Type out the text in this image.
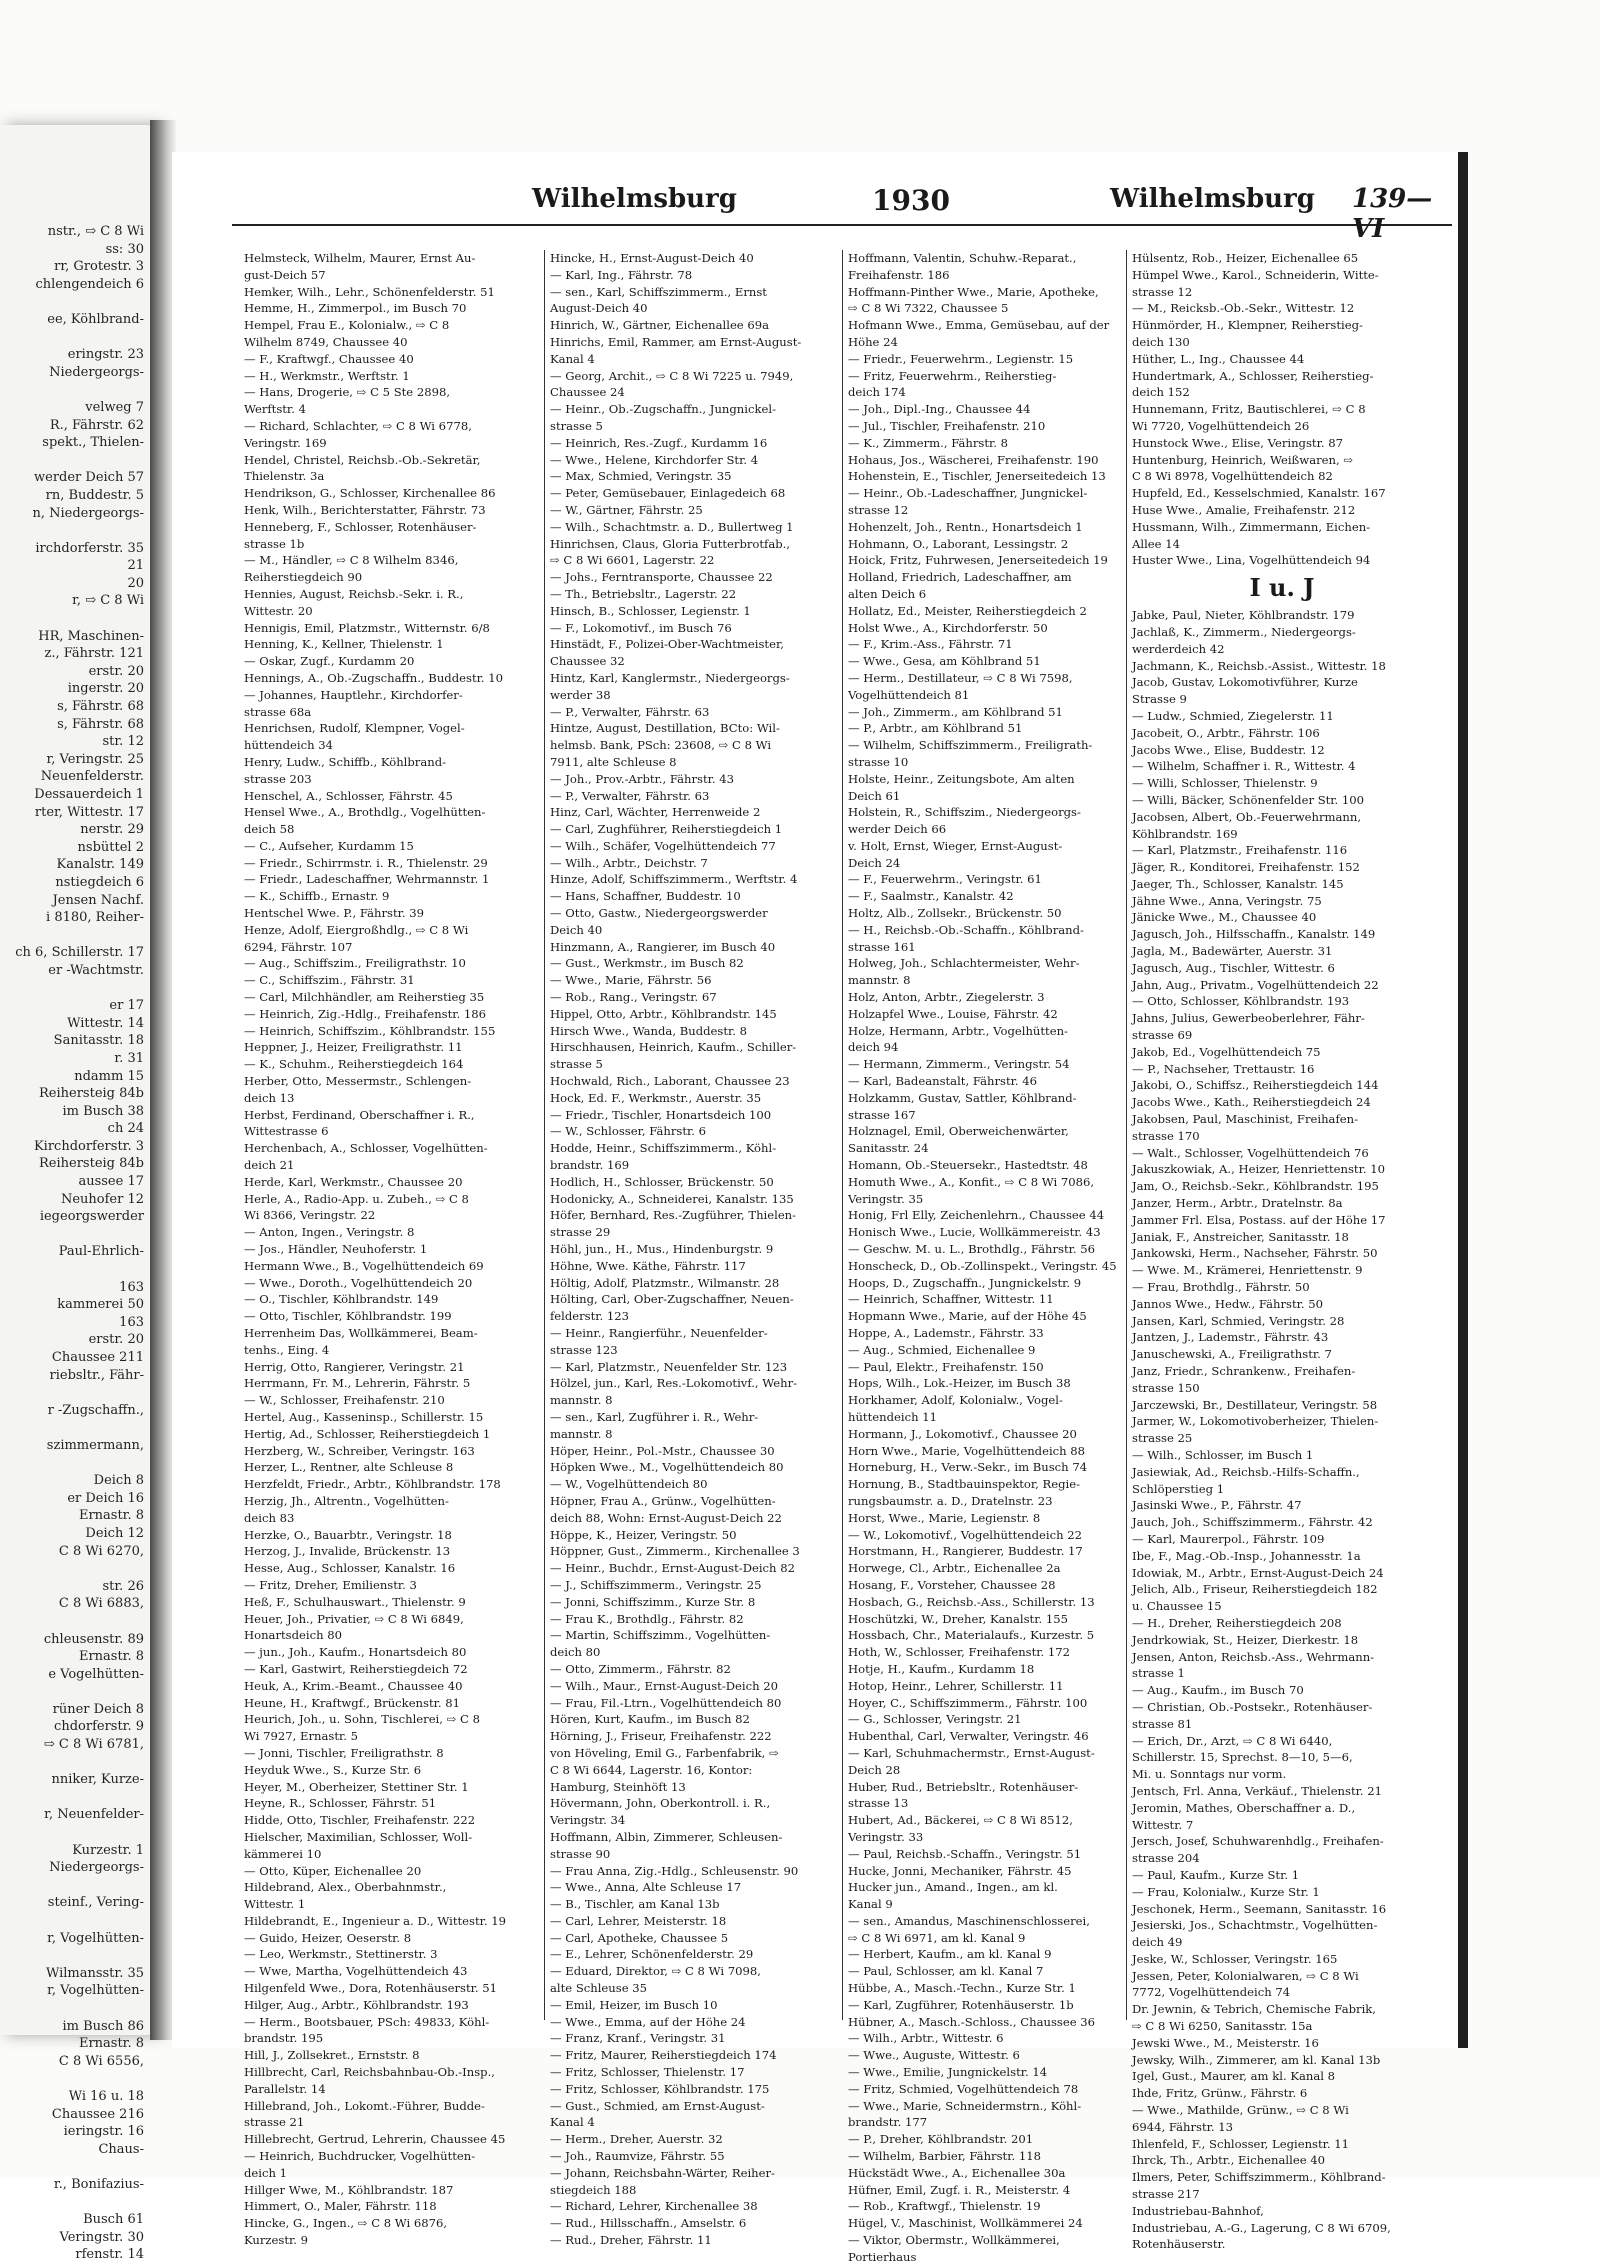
nstr., ⇨ C 8 Wi
ss: 30
rr, Grotestr. 3
chlengendeich 6

ee, Köhlbrand-

eringstr. 23
Niedergeorgs-

velweg 7
R., Fährstr. 62
spekt., Thielen-

werder Deich 57
rn, Buddestr. 5
n, Niedergeorgs-

irchdorferstr. 35
21
20
r, ⇨ C 8 Wi

HR, Maschinen-
z., Fährstr. 121
erstr. 20
ingerstr. 20
s, Fährstr. 68
s, Fährstr. 68
str. 12
r, Veringstr. 25
Neuenfelderstr.
Dessauerdeich 1
rter, Wittestr. 17
nerstr. 29
nsbüttel 2
Kanalstr. 149
nstiegdeich 6
Jensen Nachf.
i 8180, Reiher-

ch 6, Schillerstr. 17
er -Wachtmstr.

er 17
Wittestr. 14
Sanitasstr. 18
r. 31
ndamm 15
Reihersteig 84b
im Busch 38
ch 24
Kirchdorferstr. 3
Reihersteig 84b
aussee 17
Neuhofer 12
iegeorgswerder

Paul-Ehrlich-

163
kammerei 50
163
erstr. 20
Chaussee 211
riebsltr., Fähr-

r -Zugschaffn.,

szimmermann,

Deich 8
er Deich 16
Ernastr. 8
Deich 12
C 8 Wi 6270,

str. 26
C 8 Wi 6883,

chleusenstr. 89
Ernastr. 8
e Vogelhütten-

rüner Deich 8
chdorferstr. 9
⇨ C 8 Wi 6781,

nniker, Kurze-

r, Neuenfelder-

Kurzestr. 1
Niedergeorgs-

steinf., Vering-

r, Vogelhütten-

Wilmansstr. 35
r, Vogelhütten-

im Busch 86
Ernastr. 8
C 8 Wi 6556,

Wi 16 u. 18
Chaussee 216
ieringstr. 16
Chaus-

r., Bonifazius-

Busch 61
Veringstr. 30
rfenstr. 14
Wilhelmsburg	1930	Wilhelmsburg 139—VI
Helmsteck, Wilhelm, Maurer, Ernst Au-
gust-Deich 57
Hemker, Wilh., Lehr., Schönenfelderstr. 51
Hemme, H., Zimmerpol., im Busch 70
Hempel, Frau E., Kolonialw., ⇨ C 8
Wilhelm 8749, Chaussee 40
— F., Kraftwgf., Chaussee 40
— H., Werkmstr., Werftstr. 1
— Hans, Drogerie, ⇨ C 5 Ste 2898,
Werftstr. 4
— Richard, Schlachter, ⇨ C 8 Wi 6778,
Veringstr. 169
Hendel, Christel, Reichsb.-Ob.-Sekretär,
Thielenstr. 3a
Hendrikson, G., Schlosser, Kirchenallee 86
Henk, Wilh., Berichterstatter, Fährstr. 73
Henneberg, F., Schlosser, Rotenhäuser-
strasse 1b
— M., Händler, ⇨ C 8 Wilhelm 8346,
Reiherstiegdeich 90
Hennies, August, Reichsb.-Sekr. i. R.,
Wittestr. 20
Hennigis, Emil, Platzmstr., Witternstr. 6/8
Henning, K., Kellner, Thielenstr. 1
— Oskar, Zugf., Kurdamm 20
Hennings, A., Ob.-Zugschaffn., Buddestr. 10
— Johannes, Hauptlehr., Kirchdorfer-
strasse 68a
Henrichsen, Rudolf, Klempner, Vogel-
hüttendeich 34
Henry, Ludw., Schiffb., Köhlbrand-
strasse 203
Henschel, A., Schlosser, Fährstr. 45
Hensel Wwe., A., Brothdlg., Vogelhütten-
deich 58
— C., Aufseher, Kurdamm 15
— Friedr., Schirrmstr. i. R., Thielenstr. 29
— Friedr., Ladeschaffner, Wehrmannstr. 1
— K., Schiffb., Ernastr. 9
Hentschel Wwe. P., Fährstr. 39
Henze, Adolf, Eiergroßhdlg., ⇨ C 8 Wi
6294, Fährstr. 107
— Aug., Schiffszim., Freiligrathstr. 10
— C., Schiffszim., Fährstr. 31
— Carl, Milchhändler, am Reiherstieg 35
— Heinrich, Zig.-Hdlg., Freihafenstr. 186
— Heinrich, Schiffszim., Köhlbrandstr. 155
Heppner, J., Heizer, Freiligrathstr. 11
— K., Schuhm., Reiherstiegdeich 164
Herber, Otto, Messermstr., Schlengen-
deich 13
Herbst, Ferdinand, Oberschaffner i. R.,
Wittestrasse 6
Herchenbach, A., Schlosser, Vogelhütten-
deich 21
Herde, Karl, Werkmstr., Chaussee 20
Herle, A., Radio-App. u. Zubeh., ⇨ C 8
Wi 8366, Veringstr. 22
— Anton, Ingen., Veringstr. 8
— Jos., Händler, Neuhoferstr. 1
Hermann Wwe., B., Vogelhüttendeich 69
— Wwe., Doroth., Vogelhüttendeich 20
— O., Tischler, Köhlbrandstr. 149
— Otto, Tischler, Köhlbrandstr. 199
Herrenheim Das, Wollkämmerei, Beam-
tenhs., Eing. 4
Herrig, Otto, Rangierer, Veringstr. 21
Herrmann, Fr. M., Lehrerin, Fährstr. 5
— W., Schlosser, Freihafenstr. 210
Hertel, Aug., Kasseninsp., Schillerstr. 15
Hertig, Ad., Schlosser, Reiherstiegdeich 1
Herzberg, W., Schreiber, Veringstr. 163
Herzer, L., Rentner, alte Schleuse 8
Herzfeldt, Friedr., Arbtr., Köhlbrandstr. 178
Herzig, Jh., Altrentn., Vogelhütten-
deich 83
Herzke, O., Bauarbtr., Veringstr. 18
Herzog, J., Invalide, Brückenstr. 13
Hesse, Aug., Schlosser, Kanalstr. 16
— Fritz, Dreher, Emilienstr. 3
Heß, F., Schulhauswart., Thielenstr. 9
Heuer, Joh., Privatier, ⇨ C 8 Wi 6849,
Honartsdeich 80
— jun., Joh., Kaufm., Honartsdeich 80
— Karl, Gastwirt, Reiherstiegdeich 72
Heuk, A., Krim.-Beamt., Chaussee 40
Heune, H., Kraftwgf., Brückenstr. 81
Heurich, Joh., u. Sohn, Tischlerei, ⇨ C 8
Wi 7927, Ernastr. 5
— Jonni, Tischler, Freiligrathstr. 8
Heyduk Wwe., S., Kurze Str. 6
Heyer, M., Oberheizer, Stettiner Str. 1
Heyne, R., Schlosser, Fährstr. 51
Hidde, Otto, Tischler, Freihafenstr. 222
Hielscher, Maximilian, Schlosser, Woll-
kämmerei 10
— Otto, Küper, Eichenallee 20
Hildebrand, Alex., Oberbahnmstr.,
Wittestr. 1
Hildebrandt, E., Ingenieur a. D., Wittestr. 19
— Guido, Heizer, Oeserstr. 8
— Leo, Werkmstr., Stettinerstr. 3
— Wwe, Martha, Vogelhüttendeich 43
Hilgenfeld Wwe., Dora, Rotenhäuserstr. 51
Hilger, Aug., Arbtr., Köhlbrandstr. 193
— Herm., Bootsbauer, PSch: 49833, Köhl-
brandstr. 195
Hill, J., Zollsekret., Ernststr. 8
Hillbrecht, Carl, Reichsbahnbau-Ob.-Insp.,
Parallelstr. 14
Hillebrand, Joh., Lokomt.-Führer, Budde-
strasse 21
Hillebrecht, Gertrud, Lehrerin, Chaussee 45
— Heinrich, Buchdrucker, Vogelhütten-
deich 1
Hillger Wwe, M., Köhlbrandstr. 187
Himmert, O., Maler, Fährstr. 118
Hincke, G., Ingen., ⇨ C 8 Wi 6876,
Kurzestr. 9
Hincke, H., Ernst-August-Deich 40
— Karl, Ing., Fährstr. 78
— sen., Karl, Schiffszimmerm., Ernst
August-Deich 40
Hinrich, W., Gärtner, Eichenallee 69a
Hinrichs, Emil, Rammer, am Ernst-August-
Kanal 4
— Georg, Archit., ⇨ C 8 Wi 7225 u. 7949,
Chaussee 24
— Heinr., Ob.-Zugschaffn., Jungnickel-
strasse 5
— Heinrich, Res.-Zugf., Kurdamm 16
— Wwe., Helene, Kirchdorfer Str. 4
— Max, Schmied, Veringstr. 35
— Peter, Gemüsebauer, Einlagedeich 68
— W., Gärtner, Fährstr. 25
— Wilh., Schachtmstr. a. D., Bullertweg 1
Hinrichsen, Claus, Gloria Futterbrotfab.,
⇨ C 8 Wi 6601, Lagerstr. 22
— Johs., Ferntransporte, Chaussee 22
— Th., Betriebsltr., Lagerstr. 22
Hinsch, B., Schlosser, Legienstr. 1
— F., Lokomotivf., im Busch 76
Hinstädt, F., Polizei-Ober-Wachtmeister,
Chaussee 32
Hintz, Karl, Kanglermstr., Niedergeorgs-
werder 38
— P., Verwalter, Fährstr. 63
Hintze, August, Destillation, BCto: Wil-
helmsb. Bank, PSch: 23608, ⇨ C 8 Wi
7911, alte Schleuse 8
— Joh., Prov.-Arbtr., Fährstr. 43
— P., Verwalter, Fährstr. 63
Hinz, Carl, Wächter, Herrenweide 2
— Carl, Zughführer, Reiherstiegdeich 1
— Wilh., Schäfer, Vogelhüttendeich 77
— Wilh., Arbtr., Deichstr. 7
Hinze, Adolf, Schiffszimmerm., Werftstr. 4
— Hans, Schaffner, Buddestr. 10
— Otto, Gastw., Niedergeorgswerder
Deich 40
Hinzmann, A., Rangierer, im Busch 40
— Gust., Werkmstr., im Busch 82
— Wwe., Marie, Fährstr. 56
— Rob., Rang., Veringstr. 67
Hippel, Otto, Arbtr., Köhlbrandstr. 145
Hirsch Wwe., Wanda, Buddestr. 8
Hirschhausen, Heinrich, Kaufm., Schiller-
strasse 5
Hochwald, Rich., Laborant, Chaussee 23
Hock, Ed. F., Werkmstr., Auerstr. 35
— Friedr., Tischler, Honartsdeich 100
— W., Schlosser, Fährstr. 6
Hodde, Heinr., Schiffszimmerm., Köhl-
brandstr. 169
Hodlich, H., Schlosser, Brückenstr. 50
Hodonicky, A., Schneiderei, Kanalstr. 135
Höfer, Bernhard, Res.-Zugführer, Thielen-
strasse 29
Höhl, jun., H., Mus., Hindenburgstr. 9
Höhne, Wwe. Käthe, Fährstr. 117
Höltig, Adolf, Platzmstr., Wilmanstr. 28
Hölting, Carl, Ober-Zugschaffner, Neuen-
felderstr. 123
— Heinr., Rangierführ., Neuenfelder-
strasse 123
— Karl, Platzmstr., Neuenfelder Str. 123
Hölzel, jun., Karl, Res.-Lokomotivf., Wehr-
mannstr. 8
— sen., Karl, Zugführer i. R., Wehr-
mannstr. 8
Höper, Heinr., Pol.-Mstr., Chaussee 30
Höpken Wwe., M., Vogelhüttendeich 80
— W., Vogelhüttendeich 80
Höpner, Frau A., Grünw., Vogelhütten-
deich 88, Wohn: Ernst-August-Deich 22
Höppe, K., Heizer, Veringstr. 50
Höppner, Gust., Zimmerm., Kirchenallee 3
— Heinr., Buchdr., Ernst-August-Deich 82
— J., Schiffszimmerm., Veringstr. 25
— Jonni, Schiffszimm., Kurze Str. 8
— Frau K., Brothdlg., Fährstr. 82
— Martin, Schiffszimm., Vogelhütten-
deich 80
— Otto, Zimmerm., Fährstr. 82
— Wilh., Maur., Ernst-August-Deich 20
— Frau, Fil.-Ltrn., Vogelhüttendeich 80
Hören, Kurt, Kaufm., im Busch 82
Hörning, J., Friseur, Freihafenstr. 222
von Höveling, Emil G., Farbenfabrik, ⇨
C 8 Wi 6644, Lagerstr. 16, Kontor:
Hamburg, Steinhöft 13
Hövermann, John, Oberkontroll. i. R.,
Veringstr. 34
Hoffmann, Albin, Zimmerer, Schleusen-
strasse 90
— Frau Anna, Zig.-Hdlg., Schleusenstr. 90
— Wwe., Anna, Alte Schleuse 17
— B., Tischler, am Kanal 13b
— Carl, Lehrer, Meisterstr. 18
— Carl, Apotheke, Chaussee 5
— E., Lehrer, Schönenfelderstr. 29
— Eduard, Direktor, ⇨ C 8 Wi 7098,
alte Schleuse 35
— Emil, Heizer, im Busch 10
— Wwe., Emma, auf der Höhe 24
— Franz, Kranf., Veringstr. 31
— Fritz, Maurer, Reiherstiegdeich 174
— Fritz, Schlosser, Thielenstr. 17
— Fritz, Schlosser, Köhlbrandstr. 175
— Gust., Schmied, am Ernst-August-
Kanal 4
— Herm., Dreher, Auerstr. 32
— Joh., Raumvize, Fährstr. 55
— Johann, Reichsbahn-Wärter, Reiher-
stiegdeich 188
— Richard, Lehrer, Kirchenallee 38
— Rud., Hillsschaffn., Amselstr. 6
— Rud., Dreher, Fährstr. 11
Hoffmann, Valentin, Schuhw.-Reparat.,
Freihafenstr. 186
Hoffmann-Pinther Wwe., Marie, Apotheke,
⇨ C 8 Wi 7322, Chaussee 5
Hofmann Wwe., Emma, Gemüsebau, auf der
Höhe 24
— Friedr., Feuerwehrm., Legienstr. 15
— Fritz, Feuerwehrm., Reiherstieg-
deich 174
— Joh., Dipl.-Ing., Chaussee 44
— Jul., Tischler, Freihafenstr. 210
— K., Zimmerm., Fährstr. 8
Hohaus, Jos., Wäscherei, Freihafenstr. 190
Hohenstein, E., Tischler, Jenerseitedeich 13
— Heinr., Ob.-Ladeschaffner, Jungnickel-
strasse 12
Hohenzelt, Joh., Rentn., Honartsdeich 1
Hohmann, O., Laborant, Lessingstr. 2
Hoick, Fritz, Fuhrwesen, Jenerseitedeich 19
Holland, Friedrich, Ladeschaffner, am
alten Deich 6
Hollatz, Ed., Meister, Reiherstiegdeich 2
Holst Wwe., A., Kirchdorferstr. 50
— F., Krim.-Ass., Fährstr. 71
— Wwe., Gesa, am Köhlbrand 51
— Herm., Destillateur, ⇨ C 8 Wi 7598,
Vogelhüttendeich 81
— Joh., Zimmerm., am Köhlbrand 51
— P., Arbtr., am Köhlbrand 51
— Wilhelm, Schiffszimmerm., Freiligrath-
strasse 10
Holste, Heinr., Zeitungsbote, Am alten
Deich 61
Holstein, R., Schiffszim., Niedergeorgs-
werder Deich 66
v. Holt, Ernst, Wieger, Ernst-August-
Deich 24
— F., Feuerwehrm., Veringstr. 61
— F., Saalmstr., Kanalstr. 42
Holtz, Alb., Zollsekr., Brückenstr. 50
— H., Reichsb.-Ob.-Schaffn., Köhlbrand-
strasse 161
Holweg, Joh., Schlachtermeister, Wehr-
mannstr. 8
Holz, Anton, Arbtr., Ziegelerstr. 3
Holzapfel Wwe., Louise, Fährstr. 42
Holze, Hermann, Arbtr., Vogelhütten-
deich 94
— Hermann, Zimmerm., Veringstr. 54
— Karl, Badeanstalt, Fährstr. 46
Holzkamm, Gustav, Sattler, Köhlbrand-
strasse 167
Holznagel, Emil, Oberweichenwärter,
Sanitasstr. 24
Homann, Ob.-Steuersekr., Hastedtstr. 48
Homuth Wwe., A., Konfit., ⇨ C 8 Wi 7086,
Veringstr. 35
Honig, Frl Elly, Zeichenlehrn., Chaussee 44
Honisch Wwe., Lucie, Wollkämmereistr. 43
— Geschw. M. u. L., Brothdlg., Fährstr. 56
Honscheck, D., Ob.-Zollinspekt., Veringstr. 45
Hoops, D., Zugschaffn., Jungnickelstr. 9
— Heinrich, Schaffner, Wittestr. 11
Hopmann Wwe., Marie, auf der Höhe 45
Hoppe, A., Lademstr., Fährstr. 33
— Aug., Schmied, Eichenallee 9
— Paul, Elektr., Freihafenstr. 150
Hops, Wilh., Lok.-Heizer, im Busch 38
Horkhamer, Adolf, Kolonialw., Vogel-
hüttendeich 11
Hormann, J., Lokomotivf., Chaussee 20
Horn Wwe., Marie, Vogelhüttendeich 88
Horneburg, H., Verw.-Sekr., im Busch 74
Hornung, B., Stadtbauinspektor, Regie-
rungsbaumstr. a. D., Dratelnstr. 23
Horst, Wwe., Marie, Legienstr. 8
— W., Lokomotivf., Vogelhüttendeich 22
Horstmann, H., Rangierer, Buddestr. 17
Horwege, Cl., Arbtr., Eichenallee 2a
Hosang, F., Vorsteher, Chaussee 28
Hosbach, G., Reichsb.-Ass., Schillerstr. 13
Hoschützki, W., Dreher, Kanalstr. 155
Hossbach, Chr., Materialaufs., Kurzestr. 5
Hoth, W., Schlosser, Freihafenstr. 172
Hotje, H., Kaufm., Kurdamm 18
Hotop, Heinr., Lehrer, Schillerstr. 11
Hoyer, C., Schiffszimmerm., Fährstr. 100
— G., Schlosser, Veringstr. 21
Hubenthal, Carl, Verwalter, Veringstr. 46
— Karl, Schuhmachermstr., Ernst-August-
Deich 28
Huber, Rud., Betriebsltr., Rotenhäuser-
strasse 13
Hubert, Ad., Bäckerei, ⇨ C 8 Wi 8512,
Veringstr. 33
— Paul, Reichsb.-Schaffn., Veringstr. 51
Hucke, Jonni, Mechaniker, Fährstr. 45
Hucker jun., Amand., Ingen., am kl.
Kanal 9
— sen., Amandus, Maschinenschlosserei,
⇨ C 8 Wi 6971, am kl. Kanal 9
— Herbert, Kaufm., am kl. Kanal 9
— Paul, Schlosser, am kl. Kanal 7
Hübbe, A., Masch.-Techn., Kurze Str. 1
— Karl, Zugführer, Rotenhäuserstr. 1b
Hübner, A., Masch.-Schloss., Chaussee 36
— Wilh., Arbtr., Wittestr. 6
— Wwe., Auguste, Wittestr. 6
— Wwe., Emilie, Jungnickelstr. 14
— Fritz, Schmied, Vogelhüttendeich 78
— Wwe., Marie, Schneidermstrn., Köhl-
brandstr. 177
— P., Dreher, Köhlbrandstr. 201
— Wilhelm, Barbier, Fährstr. 118
Hückstädt Wwe., A., Eichenallee 30a
Hüfner, Emil, Zugf. i. R., Meisterstr. 4
— Rob., Kraftwgf., Thielenstr. 19
Hügel, V., Maschinist, Wollkämmerei 24
— Viktor, Obermstr., Wollkämmerei,
Portierhaus
Hülsentz, Rob., Heizer, Eichenallee 65
Hümpel Wwe., Karol., Schneiderin, Witte-
strasse 12
— M., Reicksb.-Ob.-Sekr., Wittestr. 12
Hünmörder, H., Klempner, Reiherstieg-
deich 130
Hüther, L., Ing., Chaussee 44
Hundertmark, A., Schlosser, Reiherstieg-
deich 152
Hunnemann, Fritz, Bautischlerei, ⇨ C 8
Wi 7720, Vogelhüttendeich 26
Hunstock Wwe., Elise, Veringstr. 87
Huntenburg, Heinrich, Weißwaren, ⇨
C 8 Wi 8978, Vogelhüttendeich 82
Hupfeld, Ed., Kesselschmied, Kanalstr. 167
Huse Wwe., Amalie, Freihafenstr. 212
Hussmann, Wilh., Zimmermann, Eichen-
Allee 14
Huster Wwe., Lina, Vogelhüttendeich 94
I u. J
Jabke, Paul, Nieter, Köhlbrandstr. 179
Jachlaß, K., Zimmerm., Niedergeorgs-
werderdeich 42
Jachmann, K., Reichsb.-Assist., Wittestr. 18
Jacob, Gustav, Lokomotivführer, Kurze
Strasse 9
— Ludw., Schmied, Ziegelerstr. 11
Jacobeit, O., Arbtr., Fährstr. 106
Jacobs Wwe., Elise, Buddestr. 12
— Wilhelm, Schaffner i. R., Wittestr. 4
— Willi, Schlosser, Thielenstr. 9
— Willi, Bäcker, Schönenfelder Str. 100
Jacobsen, Albert, Ob.-Feuerwehrmann,
Köhlbrandstr. 169
— Karl, Platzmstr., Freihafenstr. 116
Jäger, R., Konditorei, Freihafenstr. 152
Jaeger, Th., Schlosser, Kanalstr. 145
Jähne Wwe., Anna, Veringstr. 75
Jänicke Wwe., M., Chaussee 40
Jagusch, Joh., Hilfsschaffn., Kanalstr. 149
Jagla, M., Badewärter, Auerstr. 31
Jagusch, Aug., Tischler, Wittestr. 6
Jahn, Aug., Privatm., Vogelhüttendeich 22
— Otto, Schlosser, Köhlbrandstr. 193
Jahns, Julius, Gewerbeoberlehrer, Fähr-
strasse 69
Jakob, Ed., Vogelhüttendeich 75
— P., Nachseher, Trettaustr. 16
Jakobi, O., Schiffsz., Reiherstiegdeich 144
Jacobs Wwe., Kath., Reiherstiegdeich 24
Jakobsen, Paul, Maschinist, Freihafen-
strasse 170
— Walt., Schlosser, Vogelhüttendeich 76
Jakuszkowiak, A., Heizer, Henriettenstr. 10
Jam, O., Reichsb.-Sekr., Köhlbrandstr. 195
Janzer, Herm., Arbtr., Dratelnstr. 8a
Jammer Frl. Elsa, Postass. auf der Höhe 17
Janiak, F., Anstreicher, Sanitasstr. 18
Jankowski, Herm., Nachseher, Fährstr. 50
— Wwe. M., Krämerei, Henriettenstr. 9
— Frau, Brothdlg., Fährstr. 50
Jannos Wwe., Hedw., Fährstr. 50
Jansen, Karl, Schmied, Veringstr. 28
Jantzen, J., Lademstr., Fährstr. 43
Januschewski, A., Freiligrathstr. 7
Janz, Friedr., Schrankenw., Freihafen-
strasse 150
Jarczewski, Br., Destillateur, Veringstr. 58
Jarmer, W., Lokomotivoberheizer, Thielen-
strasse 25
— Wilh., Schlosser, im Busch 1
Jasiewiak, Ad., Reichsb.-Hilfs-Schaffn.,
Schlöperstieg 1
Jasinski Wwe., P., Fährstr. 47
Jauch, Joh., Schiffszimmerm., Fährstr. 42
— Karl, Maurerpol., Fährstr. 109
Ibe, F., Mag.-Ob.-Insp., Johannesstr. 1a
Idowiak, M., Arbtr., Ernst-August-Deich 24
Jelich, Alb., Friseur, Reiherstiegdeich 182
u. Chaussee 15
— H., Dreher, Reiherstiegdeich 208
Jendrkowiak, St., Heizer, Dierkestr. 18
Jensen, Anton, Reichsb.-Ass., Wehrmann-
strasse 1
— Aug., Kaufm., im Busch 70
— Christian, Ob.-Postsekr., Rotenhäuser-
strasse 81
— Erich, Dr., Arzt, ⇨ C 8 Wi 6440,
Schillerstr. 15, Sprechst. 8—10, 5—6,
Mi. u. Sonntags nur vorm.
Jentsch, Frl. Anna, Verkäuf., Thielenstr. 21
Jeromin, Mathes, Oberschaffner a. D.,
Wittestr. 7
Jersch, Josef, Schuhwarenhdlg., Freihafen-
strasse 204
— Paul, Kaufm., Kurze Str. 1
— Frau, Kolonialw., Kurze Str. 1
Jeschonek, Herm., Seemann, Sanitasstr. 16
Jesierski, Jos., Schachtmstr., Vogelhütten-
deich 49
Jeske, W., Schlosser, Veringstr. 165
Jessen, Peter, Kolonialwaren, ⇨ C 8 Wi
7772, Vogelhüttendeich 74
Dr. Jewnin, & Tebrich, Chemische Fabrik,
⇨ C 8 Wi 6250, Sanitasstr. 15a
Jewski Wwe., M., Meisterstr. 16
Jewsky, Wilh., Zimmerer, am kl. Kanal 13b
Igel, Gust., Maurer, am kl. Kanal 8
Ihde, Fritz, Grünw., Fährstr. 6
— Wwe., Mathilde, Grünw., ⇨ C 8 Wi
6944, Fährstr. 13
Ihlenfeld, F., Schlosser, Legienstr. 11
Ihrck, Th., Arbtr., Eichenallee 40
Ilmers, Peter, Schiffszimmerm., Köhlbrand-
strasse 217
Industriebau-Bahnhof,
Industriebau, A.-G., Lagerung, C 8 Wi 6709,
Rotenhäuserstr.
